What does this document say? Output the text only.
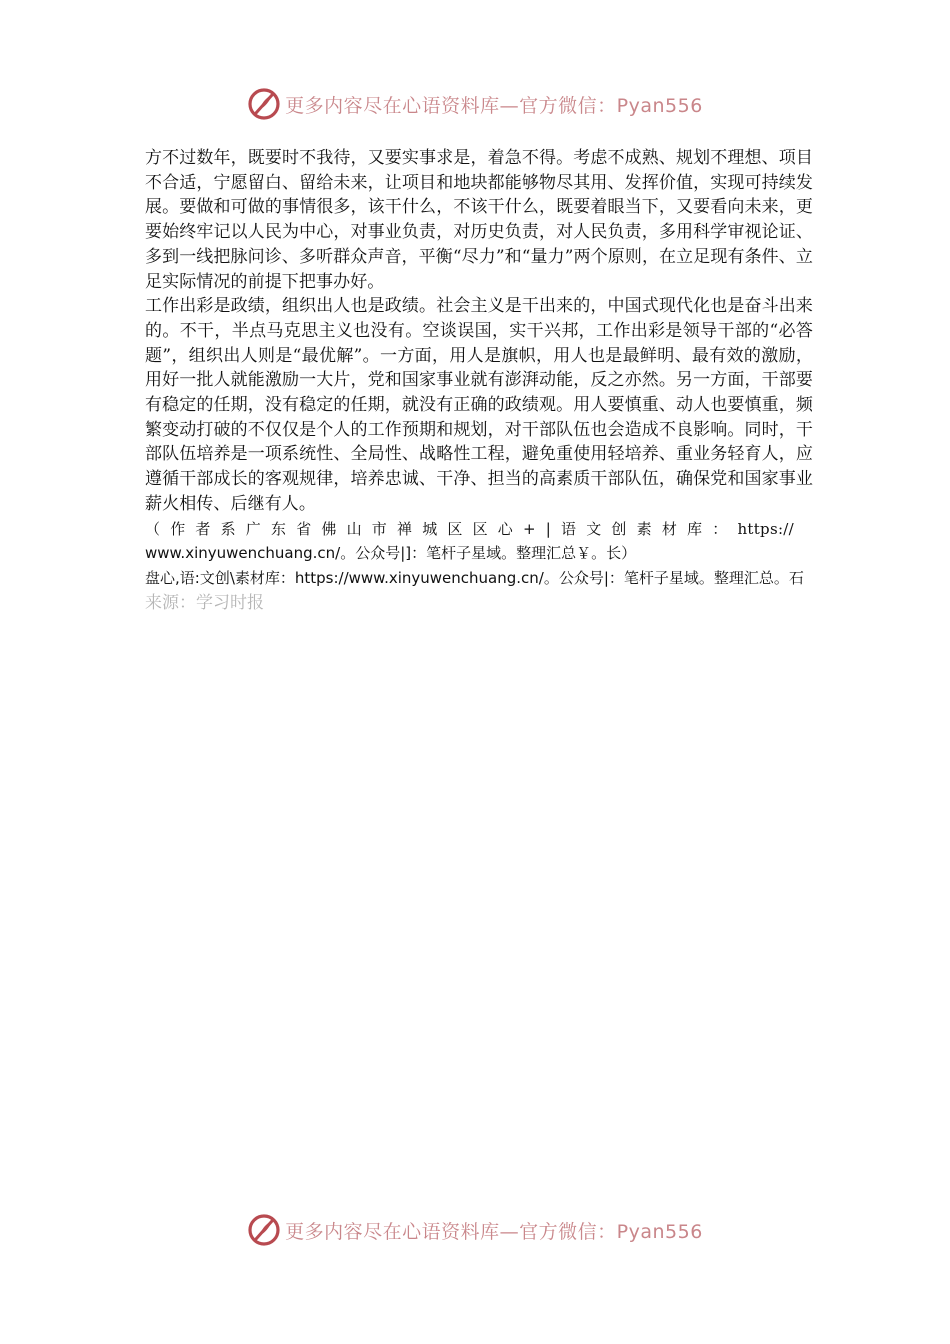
更多内容尽在心语资料库—官方微信：Pyan556

方不过数年，既要时不我待，又要实事求是，着急不得。考虑不成熟、规划不理想、项目不合适，宁愿留白、留给未来，让项目和地块都能够物尽其用、发挥价值，实现可持续发展。要做和可做的事情很多，该干什么，不该干什么，既要着眼当下，又要看向未来，更要始终牢记以人民为中心，对事业负责，对历史负责，对人民负责，多用科学审视论证、多到一线把脉问诊、多听群众声音，平衡“尽力”和“量力”两个原则，在立足现有条件、立足实际情况的前提下把事办好。

工作出彩是政绩，组织出人也是政绩。社会主义是干出来的，中国式现代化也是奋斗出来的。不干，半点马克思主义也没有。空谈误国，实干兴邦，工作出彩是领导干部的“必答题”，组织出人则是“最优解”。一方面，用人是旗帜，用人也是最鲜明、最有效的激励，用好一批人就能激励一大片，党和国家事业就有澎湃动能，反之亦然。另一方面，干部要有稳定的任期，没有稳定的任期，就没有正确的政绩观。用人要慎重、动人也要慎重，频繁变动打破的不仅仅是个人的工作预期和规划，对干部队伍也会造成不良影响。同时，干部队伍培养是一项系统性、全局性、战略性工程，避免重使用轻培养、重业务轻育人，应遵循干部成长的客观规律，培养忠诚、干净、担当的高素质干部队伍，确保党和国家事业薪火相传、后继有人。

（作者系广东省佛山市禅城区区心+|语文创素材库：https://

www.xinyuwenchuang.cn/。公众号|]：笔杆子星域。整理汇总￥。长）

盘心,语:文创\素材库：https://www.xinyuwenchuang.cn/。公众号|：笔杆子星域。整理汇总。石

来源：学习时报

更多内容尽在心语资料库—官方微信：Pyan556
